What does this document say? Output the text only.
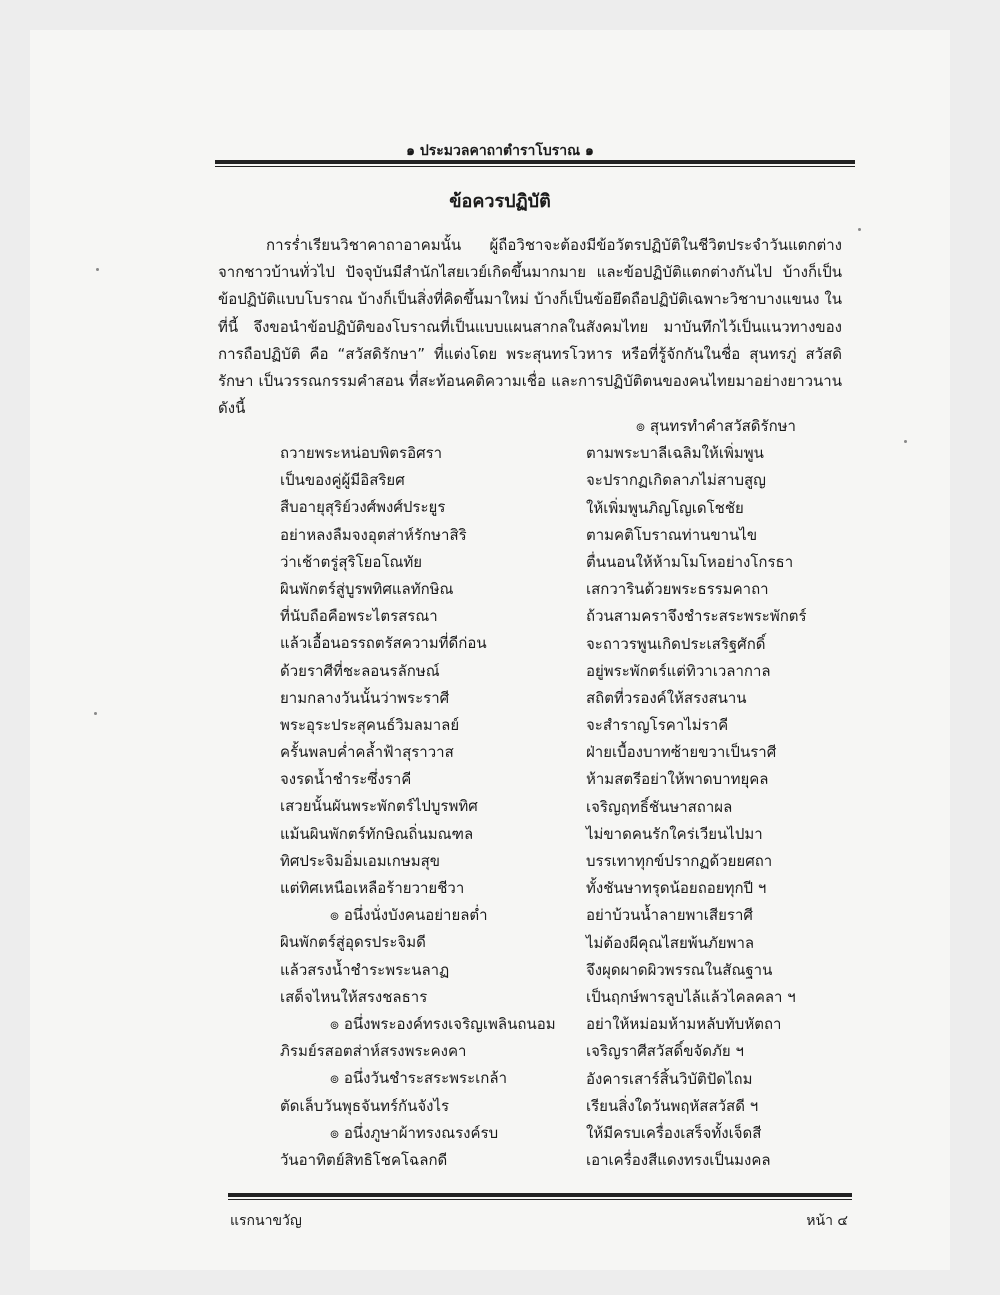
๑ ประมวลคาถาตำราโบราณ ๑
ข้อควรปฏิบัติ

การร่ำเรียนวิชาคาถาอาคมนั้น ผู้ถือวิชาจะต้องมีข้อวัตรปฏิบัติในชีวิตประจำวันแตกต่างจากชาวบ้านทั่วไป ปัจจุบันมีสำนักไสยเวย์เกิดขึ้นมากมาย และข้อปฏิบัติแตกต่างกันไป บ้างก็เป็นข้อปฏิบัติแบบโบราณ บ้างก็เป็นสิ่งที่คิดขึ้นมาใหม่ บ้างก็เป็นข้อยึดถือปฏิบัติเฉพาะวิชาบางแขนง ในที่นี้ จึงขอนำข้อปฏิบัติของโบราณที่เป็นแบบแผนสากลในสังคมไทย มาบันทึกไว้เป็นแนวทางของการถือปฏิบัติ คือ “สวัสดิรักษา” ที่แต่งโดย พระสุนทรโวหาร หรือที่รู้จักกันในชื่อ สุนทรภู่ สวัสดิรักษา เป็นวรรณกรรมคำสอน ที่สะท้อนคติความเชื่อ และการปฏิบัติตนของคนไทยมาอย่างยาวนาน ดังนี้

ถวายพระหน่อบพิตรอิศรา
เป็นของคู่ผู้มีอิสริยศ
สืบอายุสุริย์วงศ์พงศ์ประยูร
อย่าหลงลืมจงอุตส่าห์รักษาสิริ
ว่าเช้าตรู่สุริโยอโณทัย
ผินพักตร์สู่บูรพทิศแลทักษิณ
ที่นับถือคือพระไตรสรณา
แล้วเอื้อนอรรถตรัสความที่ดีก่อน
ด้วยราศีที่ชะลอนรลักษณ์
ยามกลางวันนั้นว่าพระราศี
พระอุระประสุคนธ์วิมลมาลย์
ครั้นพลบค่ำคล้ำฟ้าสุราวาส
จงรดน้ำชำระซึ่งราคี
เสวยนั้นผันพระพักตร์ไปบูรพทิศ
แม้นผินพักตร์ทักษิณถิ่นมณฑล
ทิศประจิมอิ่มเอมเกษมสุข
แต่ทิศเหนือเหลือร้ายวายชีวา
๏ อนึ่งนั่งบังคนอย่ายลต่ำ
ผินพักตร์สู่อุดรประจิมดี
แล้วสรงน้ำชำระพระนลาฏ
เสด็จไหนให้สรงชลธาร
๏ อนึ่งพระองค์ทรงเจริญเพลินถนอม
ภิรมย์รสอตส่าห์สรงพระคงคา
๏ อนึ่งวันชำระสระพระเกล้า
ตัดเล็บวันพุธจันทร์กันจังไร
๏ อนึ่งภูษาผ้าทรงณรงค์รบ
วันอาทิตย์สิทธิโชคโฉลกดี
๏ สุนทรทำคำสวัสดิรักษา
ตามพระบาลีเฉลิมให้เพิ่มพูน
จะปรากฏเกิดลาภไม่สาบสูญ
ให้เพิ่มพูนภิญโญเดโชชัย
ตามคติโบราณท่านขานไข
ตื่นนอนให้ห้ามโมโหอย่างโกรธา
เสกวารินด้วยพระธรรมคาถา
ถ้วนสามคราจึงชำระสระพระพักตร์
จะถาวรพูนเกิดประเสริฐศักดิ์
อยู่พระพักตร์แต่ทิวาเวลากาล
สถิตที่วรองค์ให้สรงสนาน
จะสำราญโรคาไม่ราคี
ฝ่ายเบื้องบาทซ้ายขวาเป็นราศี
ห้ามสตรีอย่าให้พาดบาทยุคล
เจริญฤทธิ์ชันษาสถาผล
ไม่ขาดคนรักใคร่เวียนไปมา
บรรเทาทุกข์ปรากฏด้วยยศถา
ทั้งชันษาทรุดน้อยถอยทุกปี ฯ
อย่าบ้วนน้ำลายพาเสียราศี
ไม่ต้องผีคุณไสยพ้นภัยพาล
จึงผุดผาดผิวพรรณในสัณฐาน
เป็นฤกษ์พารลูบไล้แล้วไคลคลา ฯ
อย่าให้หม่อมห้ามหลับทับหัตถา
เจริญราศีสวัสดิ์ขจัดภัย ฯ
อังคารเสาร์สิ้นวิบัติปัดไถม
เรียนสิ่งใดวันพฤหัสสวัสดี ฯ
ให้มีครบเครื่องเสร็จทั้งเจ็ดสี
เอาเครื่องสีแดงทรงเป็นมงคล
แรกนาขวัญ	หน้า ๔
